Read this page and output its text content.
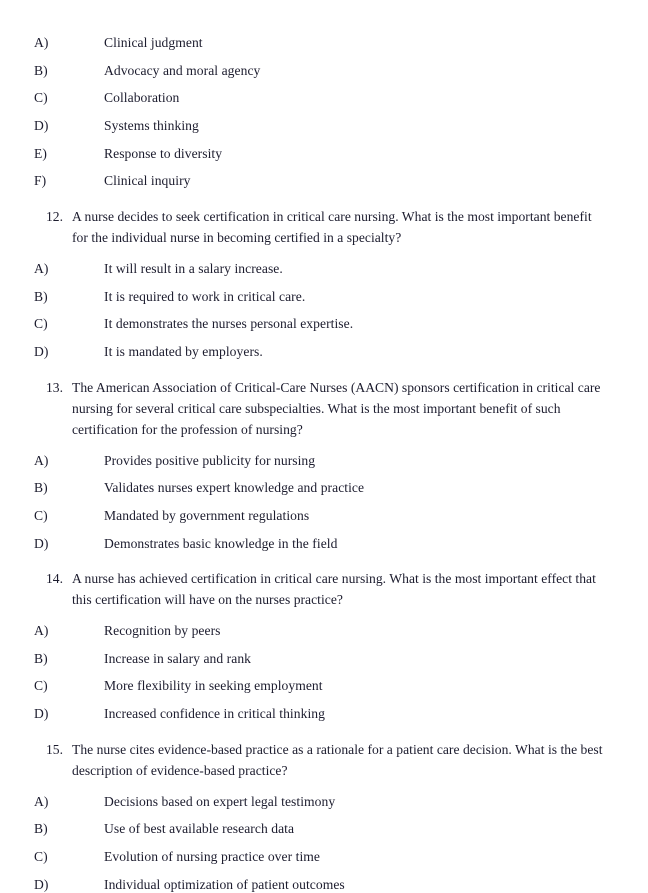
A)	Clinical judgment
B)	Advocacy and moral agency
C)	Collaboration
D)	Systems thinking
E)	Response to diversity
F)	Clinical inquiry
12. A nurse decides to seek certification in critical care nursing. What is the most important benefit for the individual nurse in becoming certified in a specialty?
A)	It will result in a salary increase.
B)	It is required to work in critical care.
C)	It demonstrates the nurses personal expertise.
D)	It is mandated by employers.
13. The American Association of Critical-Care Nurses (AACN) sponsors certification in critical care nursing for several critical care subspecialties. What is the most important benefit of such certification for the profession of nursing?
A)	Provides positive publicity for nursing
B)	Validates nurses expert knowledge and practice
C)	Mandated by government regulations
D)	Demonstrates basic knowledge in the field
14. A nurse has achieved certification in critical care nursing. What is the most important effect that this certification will have on the nurses practice?
A)	Recognition by peers
B)	Increase in salary and rank
C)	More flexibility in seeking employment
D)	Increased confidence in critical thinking
15. The nurse cites evidence-based practice as a rationale for a patient care decision. What is the best description of evidence-based practice?
A)	Decisions based on expert legal testimony
B)	Use of best available research data
C)	Evolution of nursing practice over time
D)	Individual optimization of patient outcomes
